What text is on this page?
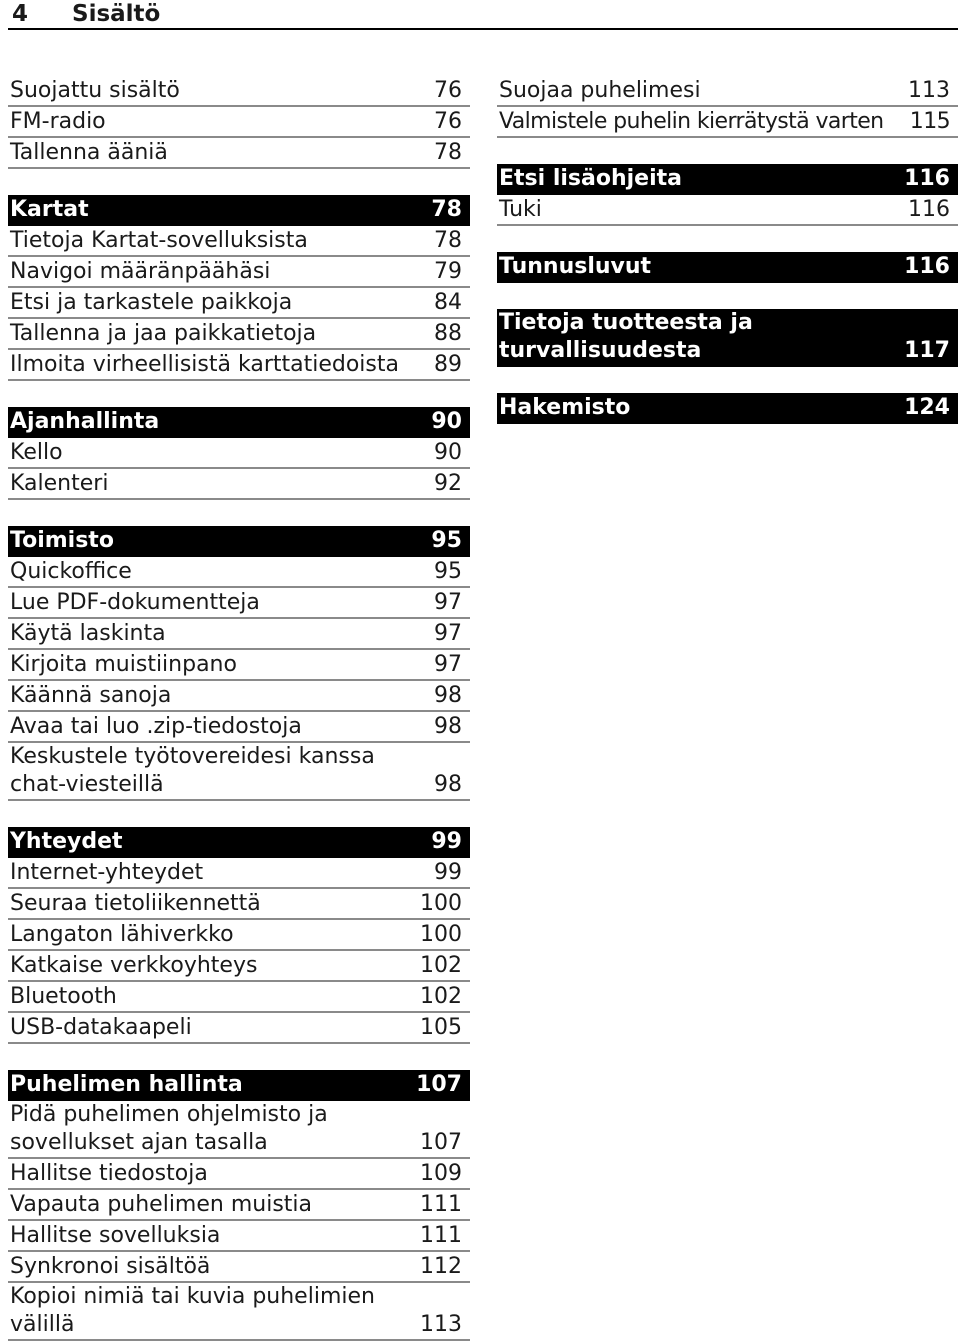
4 Sisältö
Suojattu sisältö	76
FM-radio	76
Tallenna ääniä	78
Kartat	78
Tietoja Kartat-sovelluksista	78
Navigoi määränpäähäsi	79
Etsi ja tarkastele paikkoja	84
Tallenna ja jaa paikkatietoja	88
Ilmoita virheellisistä karttatiedoista	89
Ajanhallinta	90
Kello	90
Kalenteri	92
Toimisto	95
Quickoffice	95
Lue PDF-dokumentteja	97
Käytä laskinta	97
Kirjoita muistiinpano	97
Käännä sanoja	98
Avaa tai luo .zip-tiedostoja	98
Keskustele työtovereidesi kanssa chat-viesteillä	98
Yhteydet	99
Internet-yhteydet	99
Seuraa tietoliikennettä	100
Langaton lähiverkko	100
Katkaise verkkoyhteys	102
Bluetooth	102
USB-datakaapeli	105
Puhelimen hallinta	107
Pidä puhelimen ohjelmisto ja sovellukset ajan tasalla	107
Hallitse tiedostoja	109
Vapauta puhelimen muistia	111
Hallitse sovelluksia	111
Synkronoi sisältöä	112
Kopioi nimiä tai kuvia puhelimien välillä	113
Suojaa puhelimesi	113
Valmistele puhelin kierrätystä varten	115
Etsi lisäohjeita	116
Tuki	116
Tunnusluvut	116
Tietoja tuotteesta ja turvallisuudesta	117
Hakemisto	124
